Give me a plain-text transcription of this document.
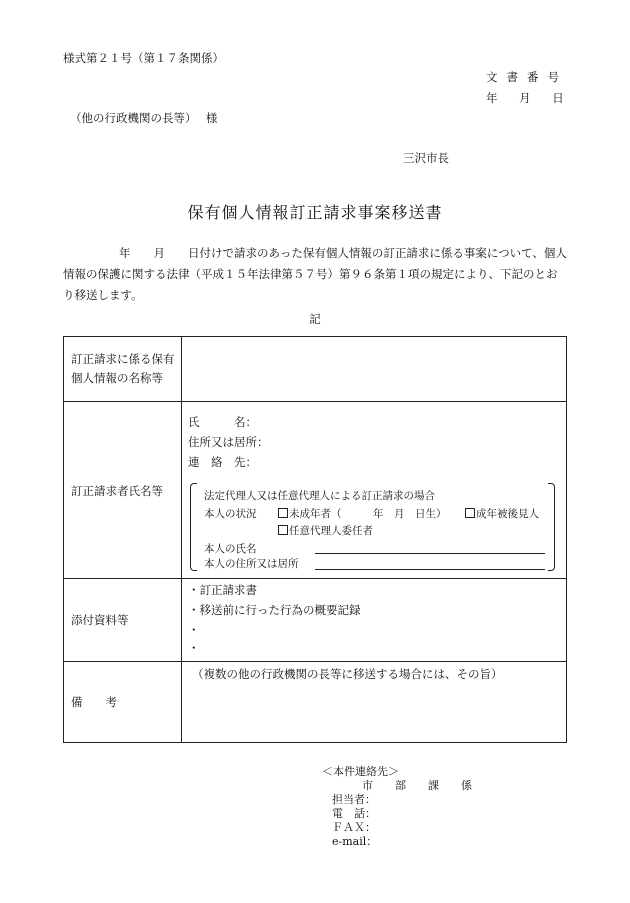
様式第２１号（第１７条関係）
文書番号
年 月 日
（他の行政機関の長等）　 様
三沢市長
保有個人情報訂正請求事案移送書
年　　月　　日付けで請求のあった保有個人情報の訂正請求に係る事案について、個人情報の保護に関する法律（平成１５年法律第５７号）第９６条第１項の規定により、下記のとおり移送します。
記
訂正請求に係る保有
個人情報の名称等
訂正請求者氏名等
氏　　　名：
住所又は居所：
連　絡　先：
法定代理人又は任意代理人による訂正請求の場合
本人の状況	未成年者（　　　年　月　日生）	成年被後見人
任意代理人委任者
本人の氏名
本人の住所又は居所
添付資料等
・訂正請求書
・移送前に行った行為の概要記録
・
・
備　　考
（複数の他の行政機関の長等に移送する場合には、その旨）
＜本件連絡先＞
市　　部　　課　　係
担当者：
電　話：
ＦＡＸ：
e-mail：
